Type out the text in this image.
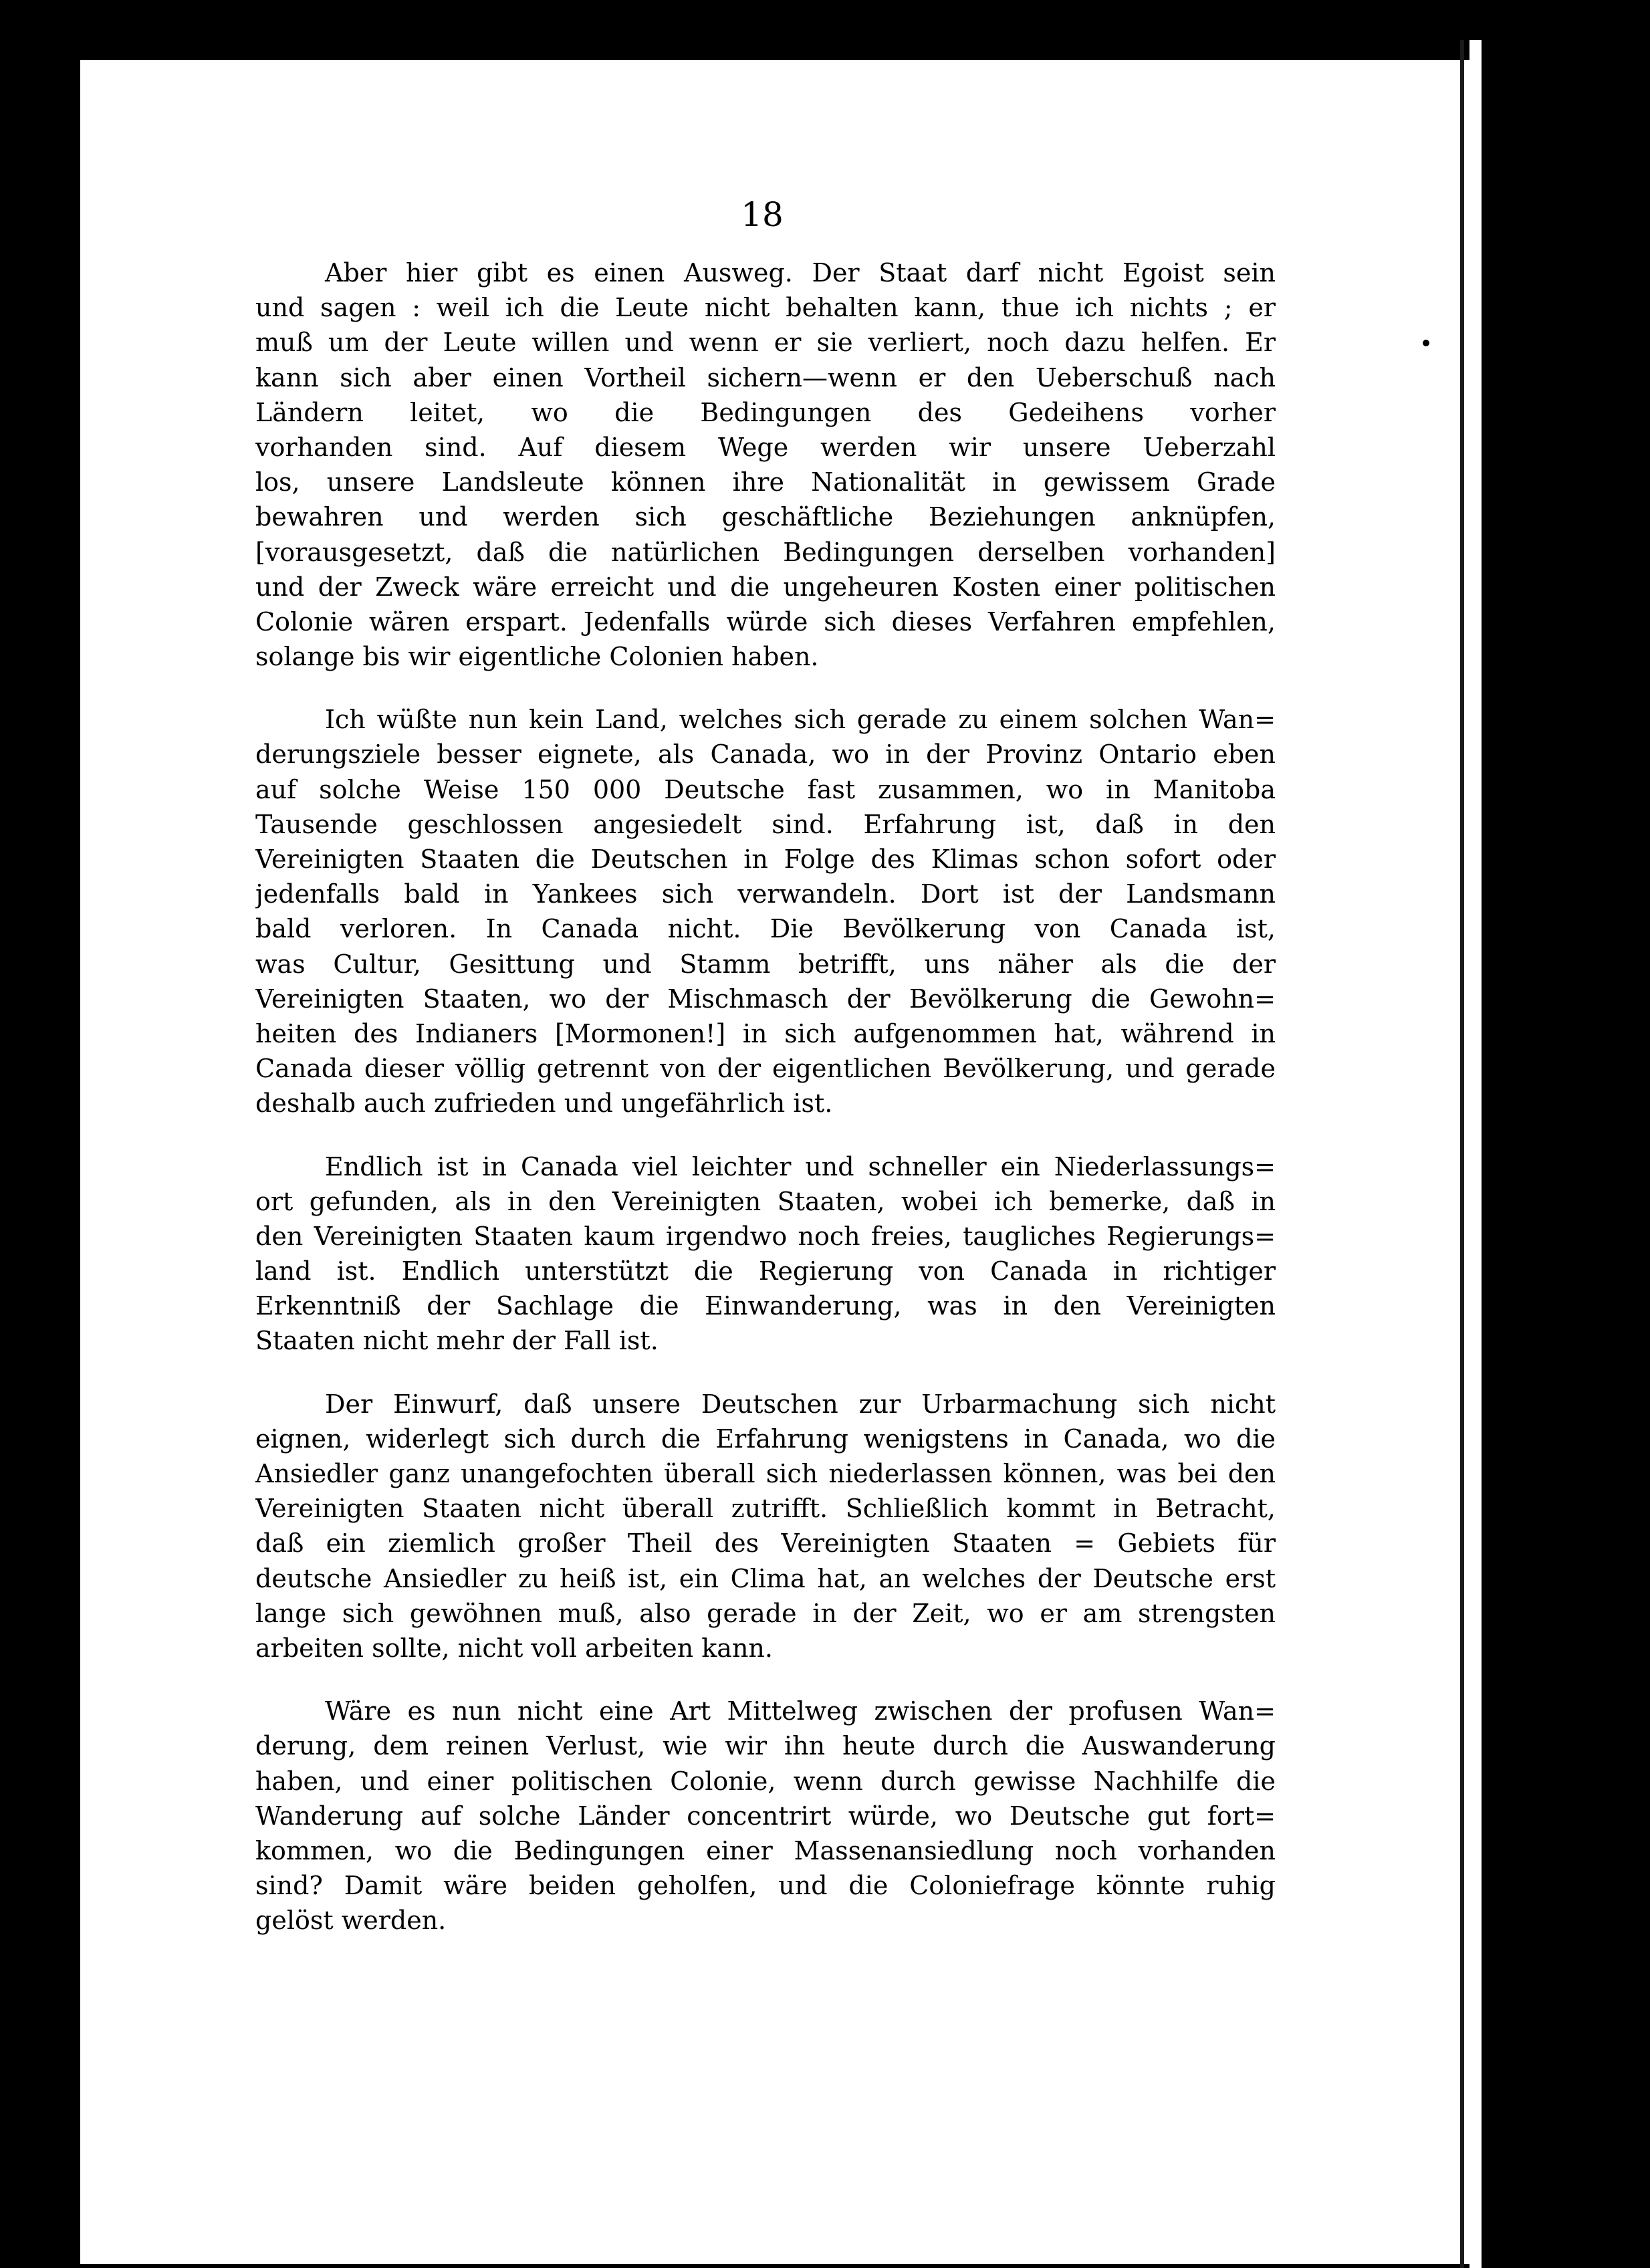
18
Aber hier gibt es einen Ausweg. Der Staat darf nicht Egoist sein
und sagen : weil ich die Leute nicht behalten kann, thue ich nichts ; er
muß um der Leute willen und wenn er sie verliert, noch dazu helfen. Er
kann sich aber einen Vortheil sichern—wenn er den Ueberschuß nach
Ländern leitet, wo die Bedingungen des Gedeihens vorher
vorhanden sind. Auf diesem Wege werden wir unsere Ueberzahl
los, unsere Landsleute können ihre Nationalität in gewissem Grade
bewahren und werden sich geschäftliche Beziehungen anknüpfen,
[vorausgesetzt, daß die natürlichen Bedingungen derselben vorhanden]
und der Zweck wäre erreicht und die ungeheuren Kosten einer politischen
Colonie wären erspart. Jedenfalls würde sich dieses Verfahren empfehlen,
solange bis wir eigentliche Colonien haben.
Ich wüßte nun kein Land, welches sich gerade zu einem solchen Wan=
derungsziele besser eignete, als Canada, wo in der Provinz Ontario eben
auf solche Weise 150 000 Deutsche fast zusammen, wo in Manitoba
Tausende geschlossen angesiedelt sind. Erfahrung ist, daß in den
Vereinigten Staaten die Deutschen in Folge des Klimas schon sofort oder
jedenfalls bald in Yankees sich verwandeln. Dort ist der Landsmann
bald verloren. In Canada nicht. Die Bevölkerung von Canada ist,
was Cultur, Gesittung und Stamm betrifft, uns näher als die der
Vereinigten Staaten, wo der Mischmasch der Bevölkerung die Gewohn=
heiten des Indianers [Mormonen!] in sich aufgenommen hat, während in
Canada dieser völlig getrennt von der eigentlichen Bevölkerung, und gerade
deshalb auch zufrieden und ungefährlich ist.
Endlich ist in Canada viel leichter und schneller ein Niederlassungs=
ort gefunden, als in den Vereinigten Staaten, wobei ich bemerke, daß in
den Vereinigten Staaten kaum irgendwo noch freies, taugliches Regierungs=
land ist. Endlich unterstützt die Regierung von Canada in richtiger
Erkenntniß der Sachlage die Einwanderung, was in den Vereinigten
Staaten nicht mehr der Fall ist.
Der Einwurf, daß unsere Deutschen zur Urbarmachung sich nicht
eignen, widerlegt sich durch die Erfahrung wenigstens in Canada, wo die
Ansiedler ganz unangefochten überall sich niederlassen können, was bei den
Vereinigten Staaten nicht überall zutrifft. Schließlich kommt in Betracht,
daß ein ziemlich großer Theil des Vereinigten Staaten = Gebiets für
deutsche Ansiedler zu heiß ist, ein Clima hat, an welches der Deutsche erst
lange sich gewöhnen muß, also gerade in der Zeit, wo er am strengsten
arbeiten sollte, nicht voll arbeiten kann.
Wäre es nun nicht eine Art Mittelweg zwischen der profusen Wan=
derung, dem reinen Verlust, wie wir ihn heute durch die Auswanderung
haben, und einer politischen Colonie, wenn durch gewisse Nachhilfe die
Wanderung auf solche Länder concentrirt würde, wo Deutsche gut fort=
kommen, wo die Bedingungen einer Massenansiedlung noch vorhanden
sind? Damit wäre beiden geholfen, und die Coloniefrage könnte ruhig
gelöst werden.
